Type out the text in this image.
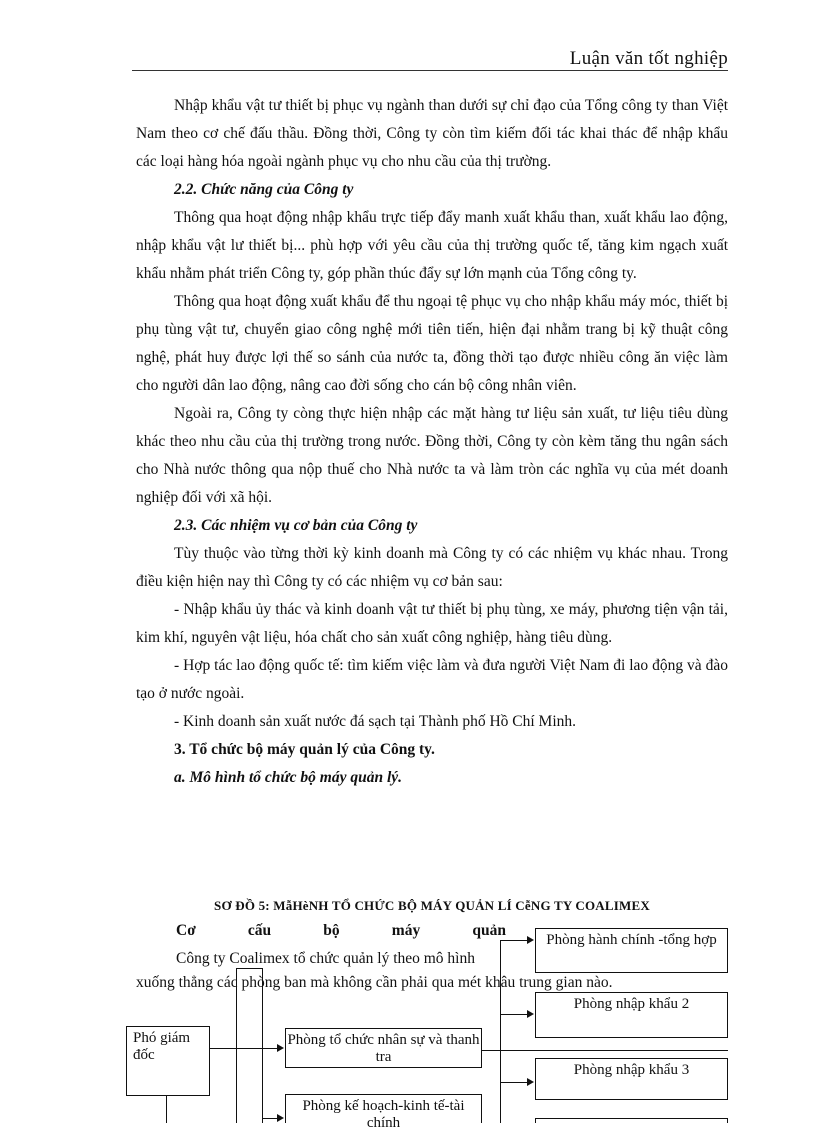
Luận văn tốt nghiệp

Nhập khẩu vật tư thiết bị phục vụ ngành than dưới sự chỉ đạo của Tổng công ty than Việt Nam theo cơ chế đấu thầu. Đồng thời, Công ty còn tìm kiếm đối tác khai thác để nhập khẩu các loại hàng hóa ngoài ngành phục vụ cho nhu cầu của thị trường.

2.2. Chức năng của Công ty

Thông qua hoạt động nhập khẩu trực tiếp đẩy manh xuất khẩu than, xuất khẩu lao động, nhập khẩu vật lư thiết bị... phù hợp với yêu cầu của thị trường quốc tế, tăng kim ngạch xuất khẩu nhằm phát triển Công ty, góp phần thúc đẩy sự lớn mạnh của Tổng công ty.

Thông qua hoạt động xuất khẩu để thu ngoại tệ phục vụ cho nhập khẩu máy móc, thiết bị phụ tùng vật tư, chuyển giao công nghệ mới tiên tiến, hiện đại nhằm trang bị kỹ thuật công nghệ, phát huy được lợi thế so sánh của nước ta, đồng thời tạo được nhiều công ăn việc làm cho người dân lao động, nâng cao đời sống cho cán bộ công nhân viên.

Ngoài ra, Công ty còng thực hiện nhập các mặt hàng tư liệu sản xuất, tư liệu tiêu dùng khác theo nhu cầu của thị trường trong nước. Đồng thời, Công ty còn kèm tăng thu ngân sách cho Nhà nước thông qua nộp thuế cho Nhà nước ta và làm tròn các nghĩa vụ của mét doanh nghiệp đối với xã hội.

2.3. Các nhiệm vụ cơ bản của Công ty

Tùy thuộc vào từng thời kỳ kinh doanh mà Công ty có các nhiệm vụ khác nhau. Trong điều kiện hiện nay thì Công ty có các nhiệm vụ cơ bản sau:

- Nhập khẩu ủy thác và kinh doanh vật tư thiết bị phụ tùng, xe máy, phương tiện vận tải, kim khí, nguyên vật liệu, hóa chất cho sản xuất công nghiệp, hàng tiêu dùng.

- Hợp tác lao động quốc tế: tìm kiếm việc làm và đưa người Việt Nam đi lao động và đào tạo ở nước ngoài.

- Kinh doanh sản xuất nước đá sạch tại Thành phố Hồ Chí Minh.

3. Tổ chức bộ máy quản lý của Công ty.
a. Mô hình tổ chức bộ máy quản lý.
SƠ ĐỒ 5: MẫHèNH TỔ CHỨC BỘ MÁY QUẢN LÍ CễNG TY COALIMEX
Cơ	cấu	bộ	máy	quản
Công ty Coalimex tổ chức quản lý theo mô hình
xuống thẳng các phòng ban mà không cần phải qua mét khâu trung gian nào.
Phó giám đốc
Phòng hành chính -tổng hợp
Phòng nhập khẩu 2
Phòng tổ chức nhân sự và thanh tra
Phòng nhập khẩu 3
Phòng kế hoạch-kinh tế-tài chính
